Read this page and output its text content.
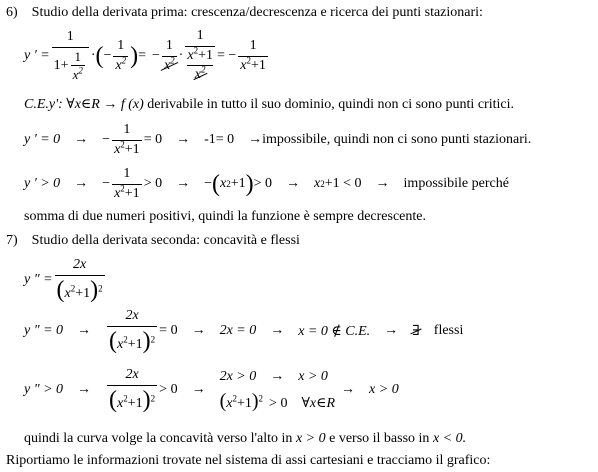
6) Studio della derivata prima: crescenza/decrescenza e ricerca dei punti stazionari:
y ' = $\frac{1}{1+ \frac{1}{x^2}}$ · ( − $\frac{1}{x^2}$ ) = − $\frac{1}{x^2} \cdot 1$
$x^2+1$
$x^2$ = − $\frac{1}{x^2+1}$
C.E.y': ∀x∈R → f (x) derivabile in tutto il suo dominio, quindi non ci sono punti critici.
y ' = 0 → − $\frac{1}{x^2+1} = 0 \to -1= 0$ → impossibile, quindi non ci sono punti stazionari.
y ' > 0 → − $\frac{1}{x^2+1} > 0$ → − ( x 2 +1 ) > 0 → x 2 +1 < 0 → impossibile perché
somma di due numeri positivi, quindi la funzione è sempre decrescente.
7) Studio della derivata seconda: concavità e flessi
y " = $\frac{2x}{(x^2+1)^2}$
y " = $0 \to \frac{2x}{(x^2+1)^2} = 0 \to 2x = 0 \to x = 0$ ∉ C.E. → ∃ flessi
y " > $0 \to \frac{2x}{(x^2+1)^2} > 0$ →
2x > 0 → x > 0
$(x^2+1)^2 > 0$ ∀x∈R
→ x > 0
quindi la curva volge la concavità verso l'alto in x > 0 e verso il basso in x < 0.
Riportiamo le informazioni trovate nel sistema di assi cartesiani e tracciamo il grafico:
